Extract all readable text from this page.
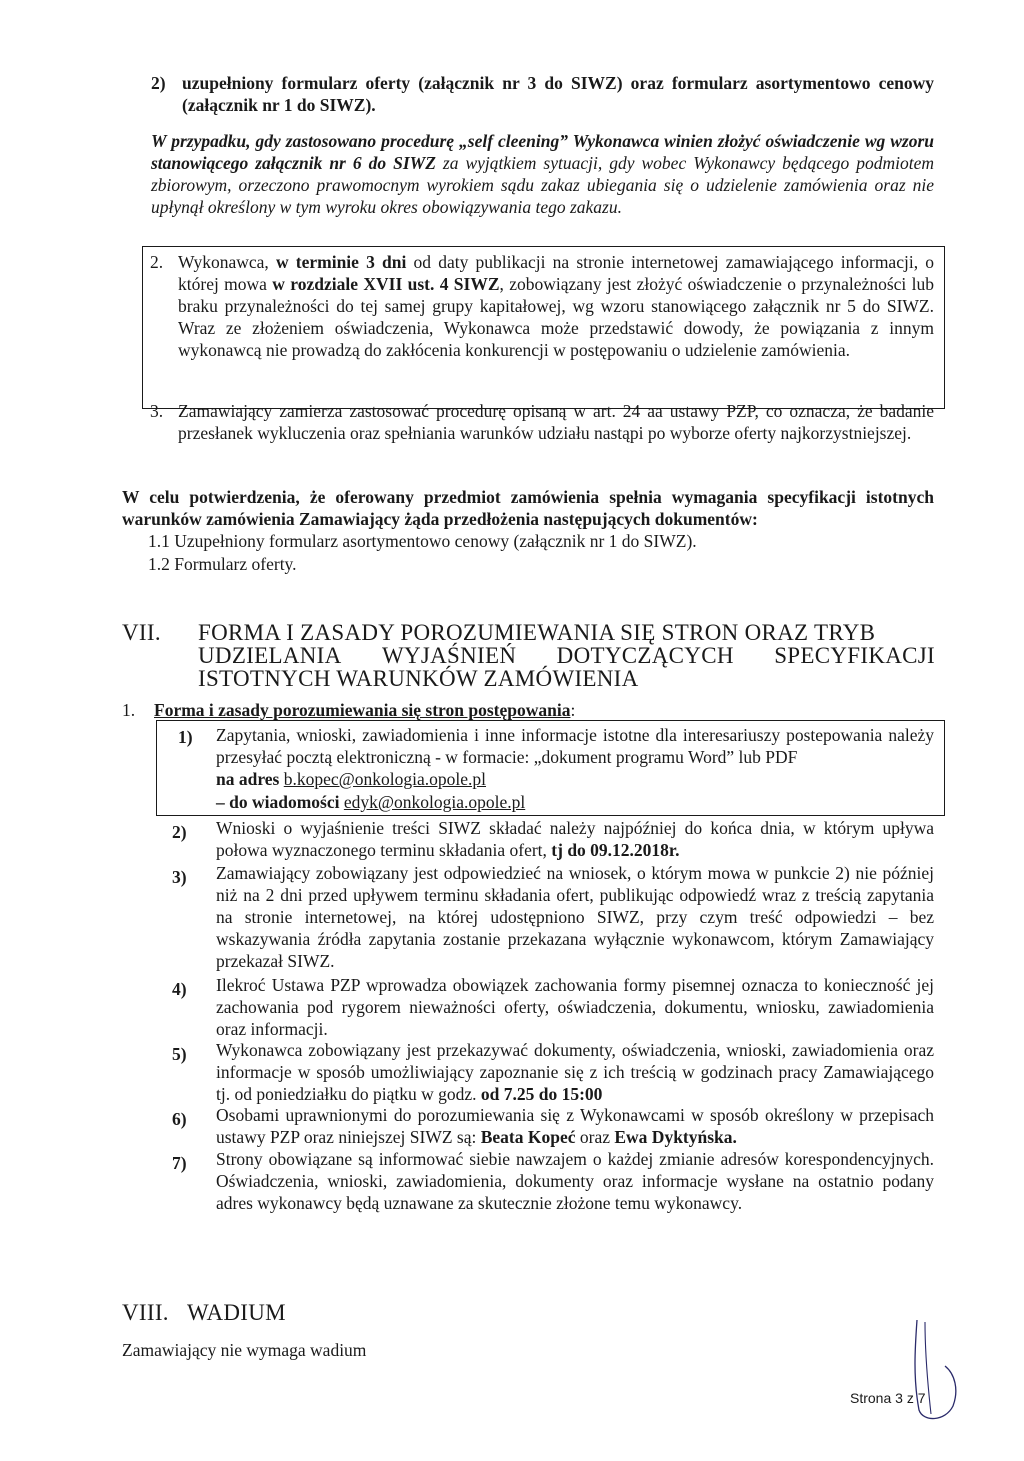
2) uzupełniony formularz oferty (załącznik nr 3 do SIWZ) oraz formularz asortymentowo cenowy (załącznik nr 1 do SIWZ).

W przypadku, gdy zastosowano procedurę „self cleening” Wykonawca winien złożyć oświadczenie wg wzoru stanowiącego załącznik nr 6 do SIWZ za wyjątkiem sytuacji, gdy wobec Wykonawcy będącego podmiotem zbiorowym, orzeczono prawomocnym wyrokiem sądu zakaz ubiegania się o udzielenie zamówienia oraz nie upłynął określony w tym wyroku okres obowiązywania tego zakazu.

2. Wykonawca, w terminie 3 dni od daty publikacji na stronie internetowej zamawiającego informacji, o której mowa w rozdziale XVII ust. 4 SIWZ, zobowiązany jest złożyć oświadczenie o przynależności lub braku przynależności do tej samej grupy kapitałowej, wg wzoru stanowiącego załącznik nr 5 do SIWZ. Wraz ze złożeniem oświadczenia, Wykonawca może przedstawić dowody, że powiązania z innym wykonawcą nie prowadzą do zakłócenia konkurencji w postępowaniu o udzielenie zamówienia.

3. Zamawiający zamierza zastosować procedurę opisaną w art. 24 aa ustawy PZP, co oznacza, że badanie przesłanek wykluczenia oraz spełniania warunków udziału nastąpi po wyborze oferty najkorzystniejszej.

W celu potwierdzenia, że oferowany przedmiot zamówienia spełnia wymagania specyfikacji istotnych warunków zamówienia Zamawiający żąda przedłożenia następujących dokumentów:

1.1 Uzupełniony formularz asortymentowo cenowy (załącznik nr 1 do SIWZ).

1.2 Formularz oferty.

VII. FORMA I ZASADY POROZUMIEWANIA SIĘ STRON ORAZ TRYB
UDZIELANIA WYJAŚNIEŃ DOTYCZĄCYCH SPECYFIKACJI
ISTOTNYCH WARUNKÓW ZAMÓWIENIA
1. Forma i zasady porozumiewania się stron postępowania:

1) Zapytania, wnioski, zawiadomienia i inne informacje istotne dla interesariuszy postepowania należy przesyłać pocztą elektroniczną - w formacie: „dokument programu Word” lub PDF

na adres b.kopec@onkologia.opole.pl

– do wiadomości edyk@onkologia.opole.pl

2) Wnioski o wyjaśnienie treści SIWZ składać należy najpóźniej do końca dnia, w którym upływa połowa wyznaczonego terminu składania ofert, tj do 09.12.2018r.

3) Zamawiający zobowiązany jest odpowiedzieć na wniosek, o którym mowa w punkcie 2) nie później niż na 2 dni przed upływem terminu składania ofert, publikując odpowiedź wraz z treścią zapytania na stronie internetowej, na której udostępniono SIWZ, przy czym treść odpowiedzi – bez wskazywania źródła zapytania zostanie przekazana wyłącznie wykonawcom, którym Zamawiający przekazał SIWZ.

4) Ilekroć Ustawa PZP wprowadza obowiązek zachowania formy pisemnej oznacza to konieczność jej zachowania pod rygorem nieważności oferty, oświadczenia, dokumentu, wniosku, zawiadomienia oraz informacji.

5) Wykonawca zobowiązany jest przekazywać dokumenty, oświadczenia, wnioski, zawiadomienia oraz informacje w sposób umożliwiający zapoznanie się z ich treścią w godzinach pracy Zamawiającego tj. od poniedziałku do piątku w godz. od 7.25 do 15:00

6) Osobami uprawnionymi do porozumiewania się z Wykonawcami w sposób określony w przepisach ustawy PZP oraz niniejszej SIWZ są: Beata Kopeć oraz Ewa Dyktyńska.

7) Strony obowiązane są informować siebie nawzajem o każdej zmianie adresów korespondencyjnych. Oświadczenia, wnioski, zawiadomienia, dokumenty oraz informacje wysłane na ostatnio podany adres wykonawcy będą uznawane za skutecznie złożone temu wykonawcy.

VIII. WADIUM

Zamawiający nie wymaga wadium

Strona 3 z 7
